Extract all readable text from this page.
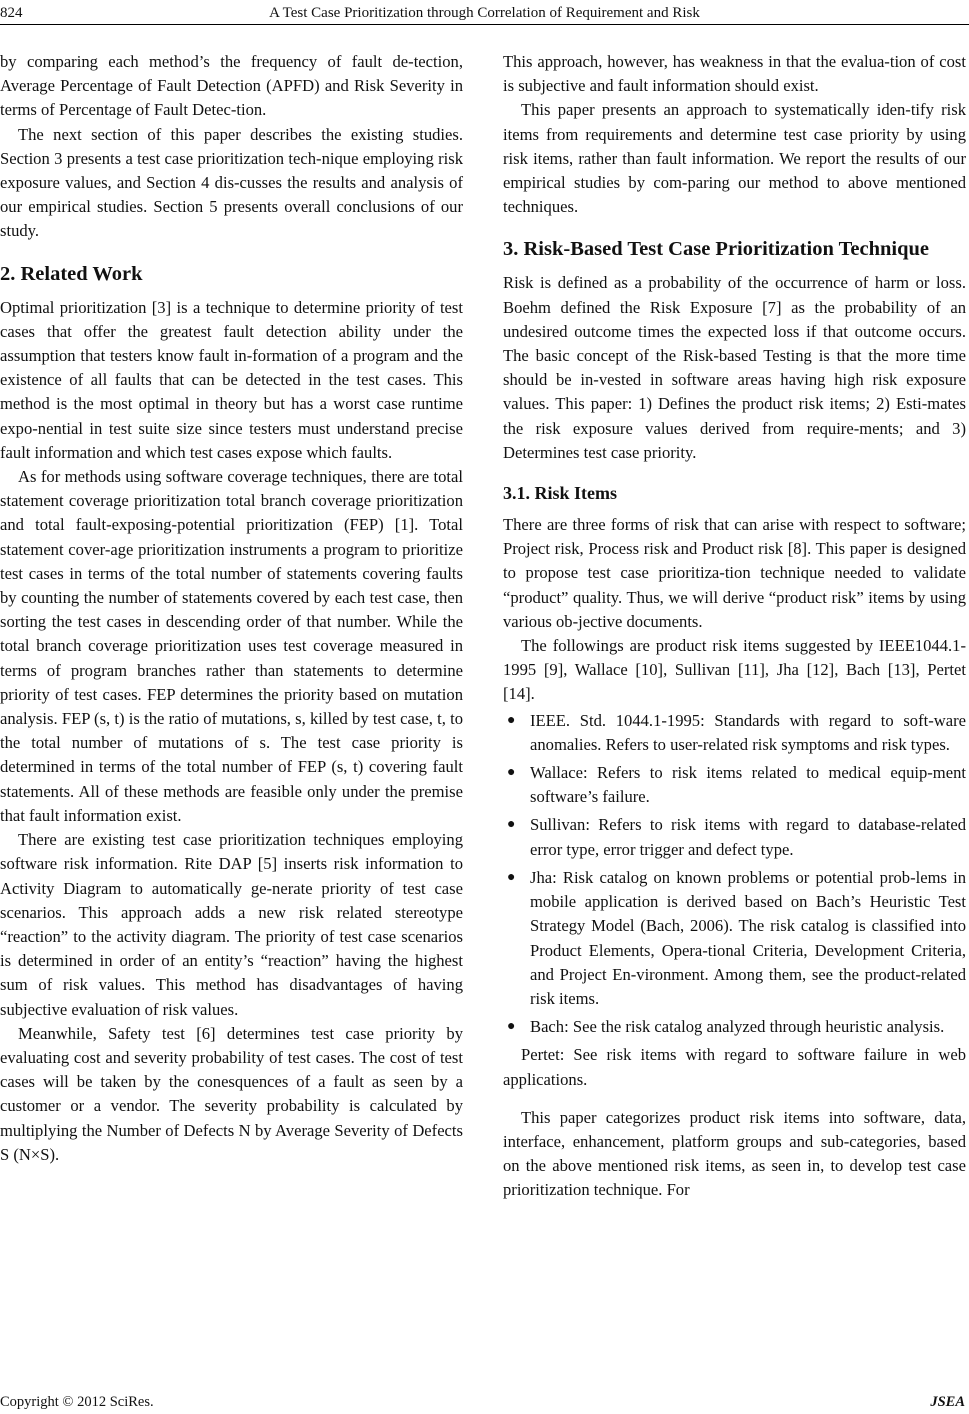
824	A Test Case Prioritization through Correlation of Requirement and Risk

by comparing each method’s the frequency of fault de-tection, Average Percentage of Fault Detection (APFD) and Risk Severity in terms of Percentage of Fault Detec-tion.

The next section of this paper describes the existing studies. Section 3 presents a test case prioritization tech-nique employing risk exposure values, and Section 4 dis-cusses the results and analysis of our empirical studies. Section 5 presents overall conclusions of our study.

2. Related Work

Optimal prioritization [3] is a technique to determine priority of test cases that offer the greatest fault detection ability under the assumption that testers know fault in-formation of a program and the existence of all faults that can be detected in the test cases. This method is the most optimal in theory but has a worst case runtime expo-nential in test suite size since testers must understand precise fault information and which test cases expose which faults.

As for methods using software coverage techniques, there are total statement coverage prioritization total branch coverage prioritization and total fault-exposing-potential prioritization (FEP) [1]. Total statement cover-age prioritization instruments a program to prioritize test cases in terms of the total number of statements covering faults by counting the number of statements covered by each test case, then sorting the test cases in descending order of that number. While the total branch coverage prioritization uses test coverage measured in terms of program branches rather than statements to determine priority of test cases. FEP determines the priority based on mutation analysis. FEP (s, t) is the ratio of mutations, s, killed by test case, t, to the total number of mutations of s. The test case priority is determined in terms of the total number of FEP (s, t) covering fault statements. All of these methods are feasible only under the premise that fault information exist.

There are existing test case prioritization techniques employing software risk information. Rite DAP [5] inserts risk information to Activity Diagram to automatically ge-nerate priority of test case scenarios. This approach adds a new risk related stereotype “reaction” to the activity diagram. The priority of test case scenarios is determined in order of an entity’s “reaction” having the highest sum of risk values. This method has disadvantages of having subjective evaluation of risk values.

Meanwhile, Safety test [6] determines test case priority by evaluating cost and severity probability of test cases. The cost of test cases will be taken by the conesquences of a fault as seen by a customer or a vendor. The severity probability is calculated by multiplying the Number of Defects N by Average Severity of Defects S (N×S).

This approach, however, has weakness in that the evalua-tion of cost is subjective and fault information should exist.

This paper presents an approach to systematically iden-tify risk items from requirements and determine test case priority by using risk items, rather than fault information. We report the results of our empirical studies by com-paring our method to above mentioned techniques.

3. Risk-Based Test Case Prioritization Technique

Risk is defined as a probability of the occurrence of harm or loss. Boehm defined the Risk Exposure [7] as the probability of an undesired outcome times the expected loss if that outcome occurs. The basic concept of the Risk-based Testing is that the more time should be in-vested in software areas having high risk exposure values. This paper: 1) Defines the product risk items; 2) Esti-mates the risk exposure values derived from require-ments; and 3) Determines test case priority.

3.1. Risk Items

There are three forms of risk that can arise with respect to software; Project risk, Process risk and Product risk [8]. This paper is designed to propose test case prioritiza-tion technique needed to validate “product” quality. Thus, we will derive “product risk” items by using various ob-jective documents.

The followings are product risk items suggested by IEEE1044.1-1995 [9], Wallace [10], Sullivan [11], Jha [12], Bach [13], Pertet [14].

● IEEE. Std. 1044.1-1995: Standards with regard to soft-ware anomalies. Refers to user-related risk symptoms and risk types.
● Wallace: Refers to risk items related to medical equip-ment software’s failure.
● Sullivan: Refers to risk items with regard to database-related error type, error trigger and defect type.
● Jha: Risk catalog on known problems or potential prob-lems in mobile application is derived based on Bach’s Heuristic Test Strategy Model (Bach, 2006). The risk catalog is classified into Product Elements, Opera-tional Criteria, Development Criteria, and Project En-vironment. Among them, see the product-related risk items.
● Bach: See the risk catalog analyzed through heuristic analysis.

Pertet: See risk items with regard to software failure in web applications.

This paper categorizes product risk items into software, data, interface, enhancement, platform groups and sub-categories, based on the above mentioned risk items, as seen in, to develop test case prioritization technique. For

Copyright © 2012 SciRes.	JSEA
